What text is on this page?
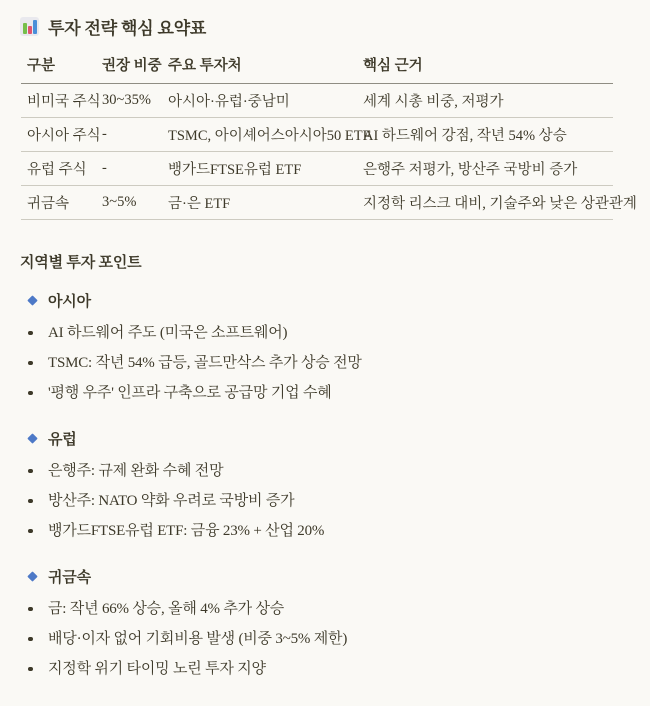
투자 전략 핵심 요약표
구분	권장 비중	주요 투자처	핵심 근거
비미국 주식	30~35%	아시아·유럽·중남미	세계 시총 비중, 저평가
아시아 주식	-	TSMC, 아이셰어스아시아50 ETF	AI 하드웨어 강점, 작년 54% 상승
유럽 주식	-	뱅가드FTSE유럽 ETF	은행주 저평가, 방산주 국방비 증가
귀금속	3~5%	금·은 ETF	지정학 리스크 대비, 기술주와 낮은 상관관계
지역별 투자 포인트
아시아
AI 하드웨어 주도 (미국은 소프트웨어)
TSMC: 작년 54% 급등, 골드만삭스 추가 상승 전망
'평행 우주' 인프라 구축으로 공급망 기업 수혜
유럽
은행주: 규제 완화 수혜 전망
방산주: NATO 약화 우려로 국방비 증가
뱅가드FTSE유럽 ETF: 금융 23% + 산업 20%
귀금속
금: 작년 66% 상승, 올해 4% 추가 상승
배당·이자 없어 기회비용 발생 (비중 3~5% 제한)
지정학 위기 타이밍 노린 투자 지양
